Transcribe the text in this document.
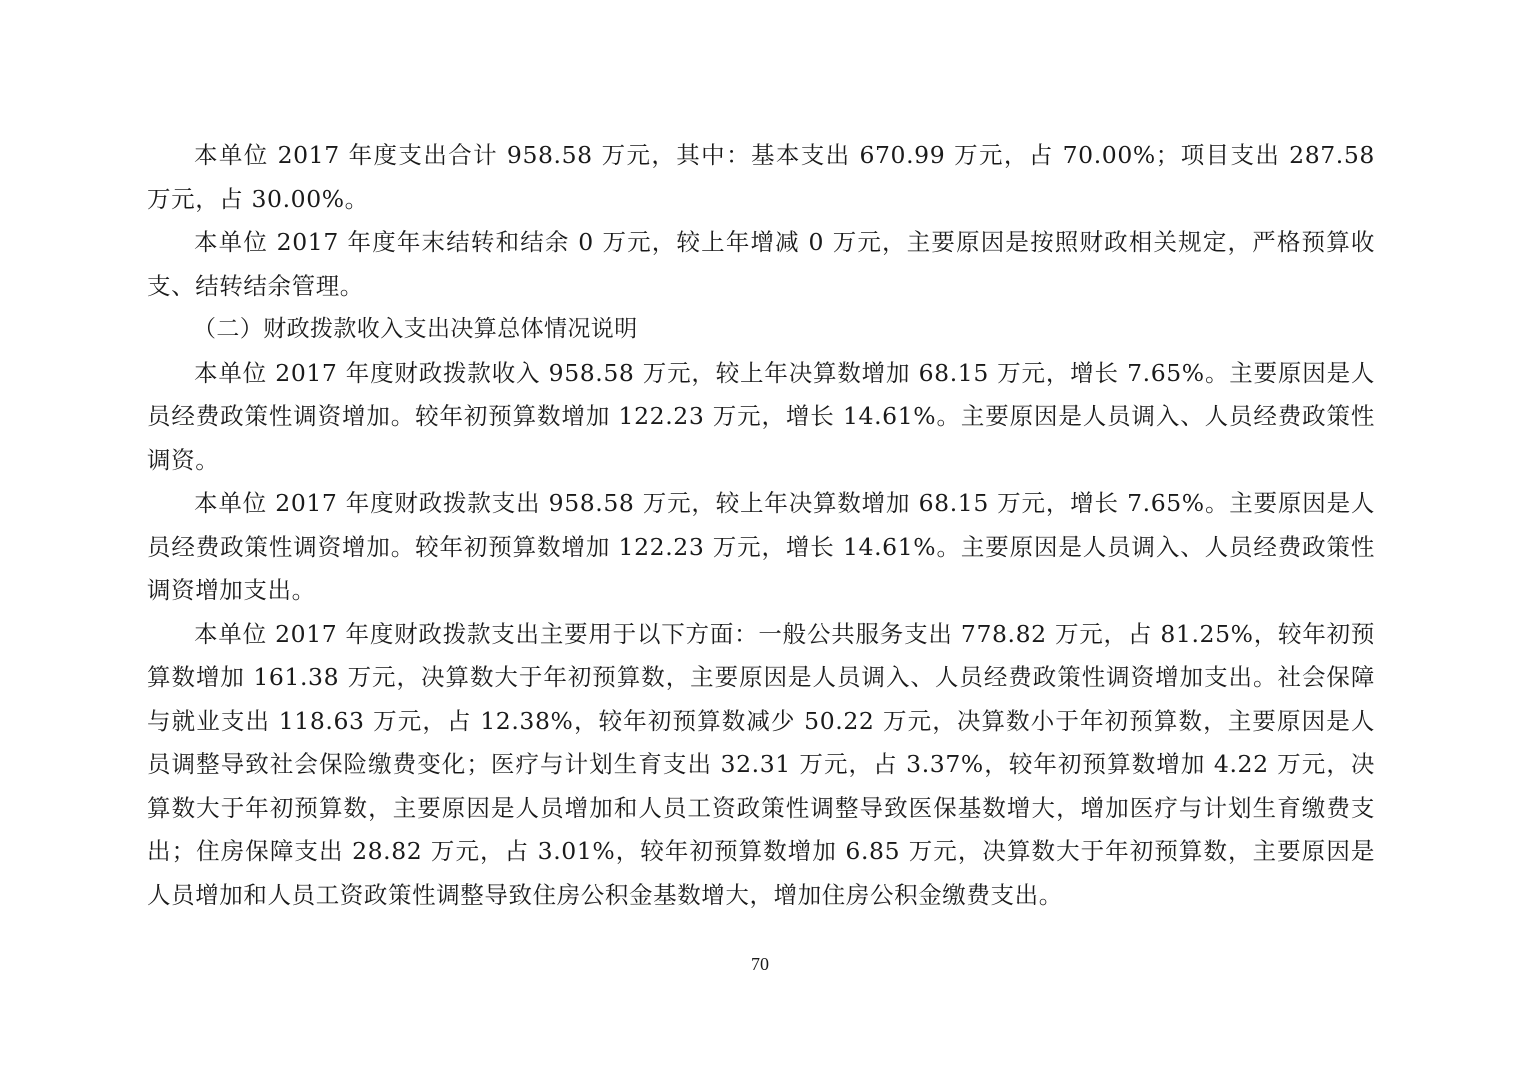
本单位 2017 年度支出合计 958.58 万元，其中：基本支出 670.99 万元，占 70.00%；项目支出 287.58 万元，占 30.00%。

本单位 2017 年度年末结转和结余 0 万元，较上年增减 0 万元，主要原因是按照财政相关规定，严格预算收支、结转结余管理。

（二）财政拨款收入支出决算总体情况说明

本单位 2017 年度财政拨款收入 958.58 万元，较上年决算数增加 68.15 万元，增长 7.65%。主要原因是人员经费政策性调资增加。较年初预算数增加 122.23 万元，增长 14.61%。主要原因是人员调入、人员经费政策性调资。

本单位 2017 年度财政拨款支出 958.58 万元，较上年决算数增加 68.15 万元，增长 7.65%。主要原因是人员经费政策性调资增加。较年初预算数增加 122.23 万元，增长 14.61%。主要原因是人员调入、人员经费政策性调资增加支出。

本单位 2017 年度财政拨款支出主要用于以下方面：一般公共服务支出 778.82 万元，占 81.25%，较年初预算数增加 161.38 万元，决算数大于年初预算数，主要原因是人员调入、人员经费政策性调资增加支出。社会保障与就业支出 118.63 万元，占 12.38%，较年初预算数减少 50.22 万元，决算数小于年初预算数，主要原因是人员调整导致社会保险缴费变化；医疗与计划生育支出 32.31 万元，占 3.37%，较年初预算数增加 4.22 万元，决算数大于年初预算数，主要原因是人员增加和人员工资政策性调整导致医保基数增大，增加医疗与计划生育缴费支出；住房保障支出 28.82 万元，占 3.01%，较年初预算数增加 6.85 万元，决算数大于年初预算数，主要原因是人员增加和人员工资政策性调整导致住房公积金基数增大，增加住房公积金缴费支出。

70
